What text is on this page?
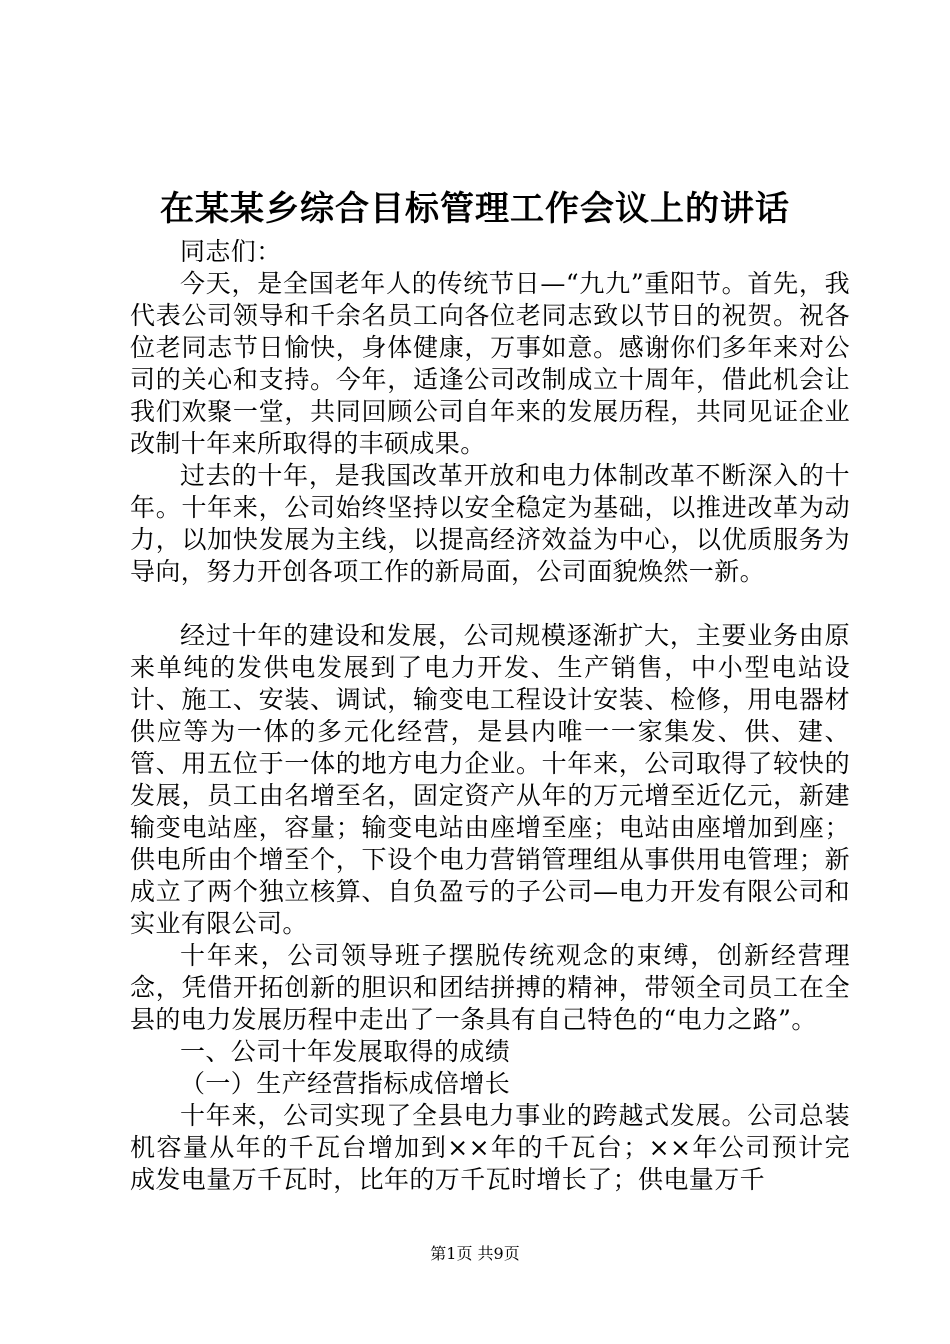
在某某乡综合目标管理工作会议上的讲话

同志们：

今天，是全国老年人的传统节日—“九九”重阳节。首先，我代表公司领导和千余名员工向各位老同志致以节日的祝贺。祝各位老同志节日愉快，身体健康，万事如意。感谢你们多年来对公司的关心和支持。今年，适逢公司改制成立十周年，借此机会让我们欢聚一堂，共同回顾公司自年来的发展历程，共同见证企业改制十年来所取得的丰硕成果。

过去的十年，是我国改革开放和电力体制改革不断深入的十年。十年来，公司始终坚持以安全稳定为基础，以推进改革为动力，以加快发展为主线，以提高经济效益为中心，以优质服务为导向，努力开创各项工作的新局面，公司面貌焕然一新。

经过十年的建设和发展，公司规模逐渐扩大，主要业务由原来单纯的发供电发展到了电力开发、生产销售，中小型电站设计、施工、安装、调试，输变电工程设计安装、检修，用电器材供应等为一体的多元化经营，是县内唯一一家集发、供、建、管、用五位于一体的地方电力企业。十年来，公司取得了较快的发展，员工由名增至名，固定资产从年的万元增至近亿元，新建输变电站座，容量；输变电站由座增至座；电站由座增加到座；供电所由个增至个，下设个电力营销管理组从事供用电管理；新成立了两个独立核算、自负盈亏的子公司—电力开发有限公司和实业有限公司。

十年来，公司领导班子摆脱传统观念的束缚，创新经营理念，凭借开拓创新的胆识和团结拼搏的精神，带领全司员工在全县的电力发展历程中走出了一条具有自己特色的“电力之路”。

一、公司十年发展取得的成绩

（一）生产经营指标成倍增长

十年来，公司实现了全县电力事业的跨越式发展。公司总装机容量从年的千瓦台增加到××年的千瓦台；××年公司预计完成发电量万千瓦时，比年的万千瓦时增长了；供电量万千

第1页 共9页
